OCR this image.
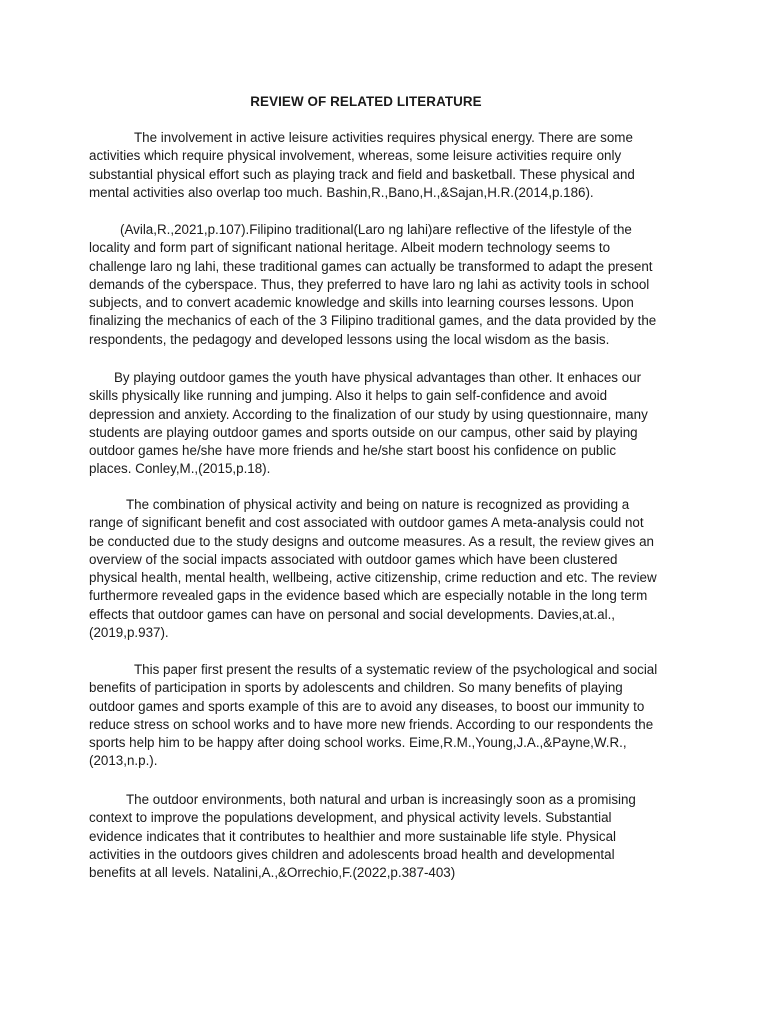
REVIEW OF RELATED LITERATURE

The involvement in active leisure activities requires physical energy. There are some
activities which require physical involvement, whereas, some leisure activities require only
substantial physical effort such as playing track and field and basketball. These physical and
mental activities also overlap too much. Bashin,R.,Bano,H.,&Sajan,H.R.(2014,p.186).

(Avila,R.,2021,p.107).Filipino traditional(Laro ng lahi)are reflective of the lifestyle of the
locality and form part of significant national heritage. Albeit modern technology seems to
challenge laro ng lahi, these traditional games can actually be transformed to adapt the present
demands of the cyberspace. Thus, they preferred to have laro ng lahi as activity tools in school
subjects, and to convert academic knowledge and skills into learning courses lessons. Upon
finalizing the mechanics of each of the 3 Filipino traditional games, and the data provided by the
respondents, the pedagogy and developed lessons using the local wisdom as the basis.

By playing outdoor games the youth have physical advantages than other. It enhaces our
skills physically like running and jumping. Also it helps to gain self-confidence and avoid
depression and anxiety. According to the finalization of our study by using questionnaire, many
students are playing outdoor games and sports outside on our campus, other said by playing
outdoor games he/she have more friends and he/she start boost his confidence on public
places. Conley,M.,(2015,p.18).

The combination of physical activity and being on nature is recognized as providing a
range of significant benefit and cost associated with outdoor games A meta-analysis could not
be conducted due to the study designs and outcome measures. As a result, the review gives an
overview of the social impacts associated with outdoor games which have been clustered
physical health, mental health, wellbeing, active citizenship, crime reduction and etc. The review
furthermore revealed gaps in the evidence based which are especially notable in the long term
effects that outdoor games can have on personal and social developments. Davies,at.al.,
(2019,p.937).

This paper first present the results of a systematic review of the psychological and social
benefits of participation in sports by adolescents and children. So many benefits of playing
outdoor games and sports example of this are to avoid any diseases, to boost our immunity to
reduce stress on school works and to have more new friends. According to our respondents the
sports help him to be happy after doing school works. Eime,R.M.,Young,J.A.,&Payne,W.R.,
(2013,n.p.).

The outdoor environments, both natural and urban is increasingly soon as a promising
context to improve the populations development, and physical activity levels. Substantial
evidence indicates that it contributes to healthier and more sustainable life style. Physical
activities in the outdoors gives children and adolescents broad health and developmental
benefits at all levels. Natalini,A.,&Orrechio,F.(2022,p.387-403)
